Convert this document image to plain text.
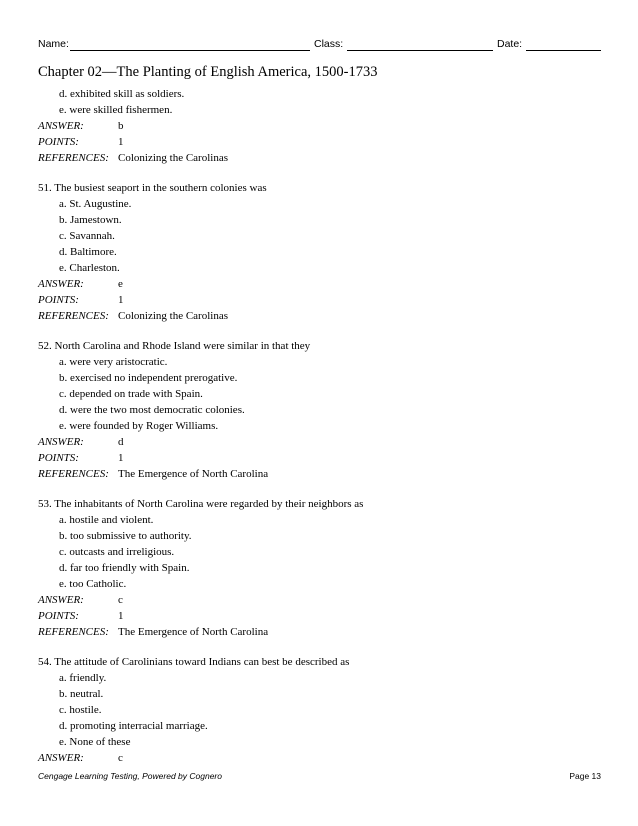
Name:	Class:	Date:
Chapter 02—The Planting of English America, 1500-1733
d. exhibited skill as soldiers.
e. were skilled fishermen.
ANSWER:	b
POINTS:	1
REFERENCES: Colonizing the Carolinas
51. The busiest seaport in the southern colonies was
a. St. Augustine.
b. Jamestown.
c. Savannah.
d. Baltimore.
e. Charleston.
ANSWER:	e
POINTS:	1
REFERENCES: Colonizing the Carolinas
52. North Carolina and Rhode Island were similar in that they
a. were very aristocratic.
b. exercised no independent prerogative.
c. depended on trade with Spain.
d. were the two most democratic colonies.
e. were founded by Roger Williams.
ANSWER:	d
POINTS:	1
REFERENCES: The Emergence of North Carolina
53. The inhabitants of North Carolina were regarded by their neighbors as
a. hostile and violent.
b. too submissive to authority.
c. outcasts and irreligious.
d. far too friendly with Spain.
e. too Catholic.
ANSWER:	c
POINTS:	1
REFERENCES: The Emergence of North Carolina
54. The attitude of Carolinians toward Indians can best be described as
a. friendly.
b. neutral.
c. hostile.
d. promoting interracial marriage.
e. None of these
ANSWER:	c
Cengage Learning Testing, Powered by Cognero	Page 13
